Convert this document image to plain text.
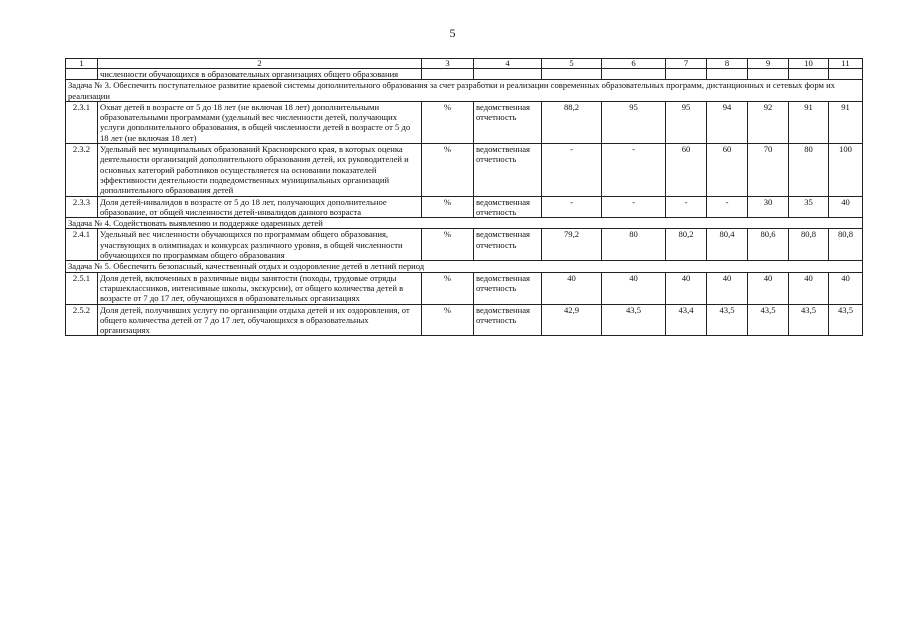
5
1	2	3	4	5	6	7	8	9	10	11
	численности обучающихся в образовательных организациях общего образования									
Задача № 3. Обеспечить поступательное развитие краевой системы дополнительного образования за счет разработки и реализации современных образовательных программ, дистанционных и сетевых форм их реализации										
2.3.1	Охват детей в возрасте от 5 до 18 лет (не включая 18 лет) дополнительными образовательными программами (удельный вес численности детей, получающих услуги дополнительного образования, в общей численности детей в возрасте от 5 до 18 лет (не включая 18 лет)	%	ведомственная отчетность	88,2	95	95	94	92	91	91
2.3.2	Удельный вес муниципальных образований Красноярского края, в которых оценка деятельности организаций дополнительного образования детей, их руководителей и основных категорий работников осуществляется на основании показателей эффективности деятельности подведомственных муниципальных организаций дополнительного образования детей	%	ведомственная отчетность	-	-	60	60	70	80	100
2.3.3	Доля детей-инвалидов в возрасте от 5 до 18 лет, получающих дополнительное образование, от общей численности детей-инвалидов данного возраста	%	ведомственная отчетность	-	-	-	-	30	35	40
Задача № 4. Содействовать выявлению и поддержке одаренных детей										
2.4.1	Удельный вес численности обучающихся по программам общего образования, участвующих в олимпиадах и конкурсах различного уровня, в общей численности обучающихся по программам общего образования	%	ведомственная отчетность	79,2	80	80,2	80,4	80,6	80,8	80,8
Задача № 5. Обеспечить безопасный, качественный отдых и оздоровление детей в летний период										
2.5.1	Доля детей, включенных в различные виды занятости (походы, трудовые отряды старшеклассников, интенсивные школы, экскурсии), от общего количества детей в возрасте от 7 до 17 лет, обучающихся в образовательных организациях	%	ведомственная отчетность	40	40	40	40	40	40	40
2.5.2	Доля детей, получивших услугу по организации отдыха детей и их оздоровления, от общего количества детей от 7 до 17 лет, обучающихся в образовательных организациях	%	ведомственная отчетность	42,9	43,5	43,4	43,5	43,5	43,5	43,5
